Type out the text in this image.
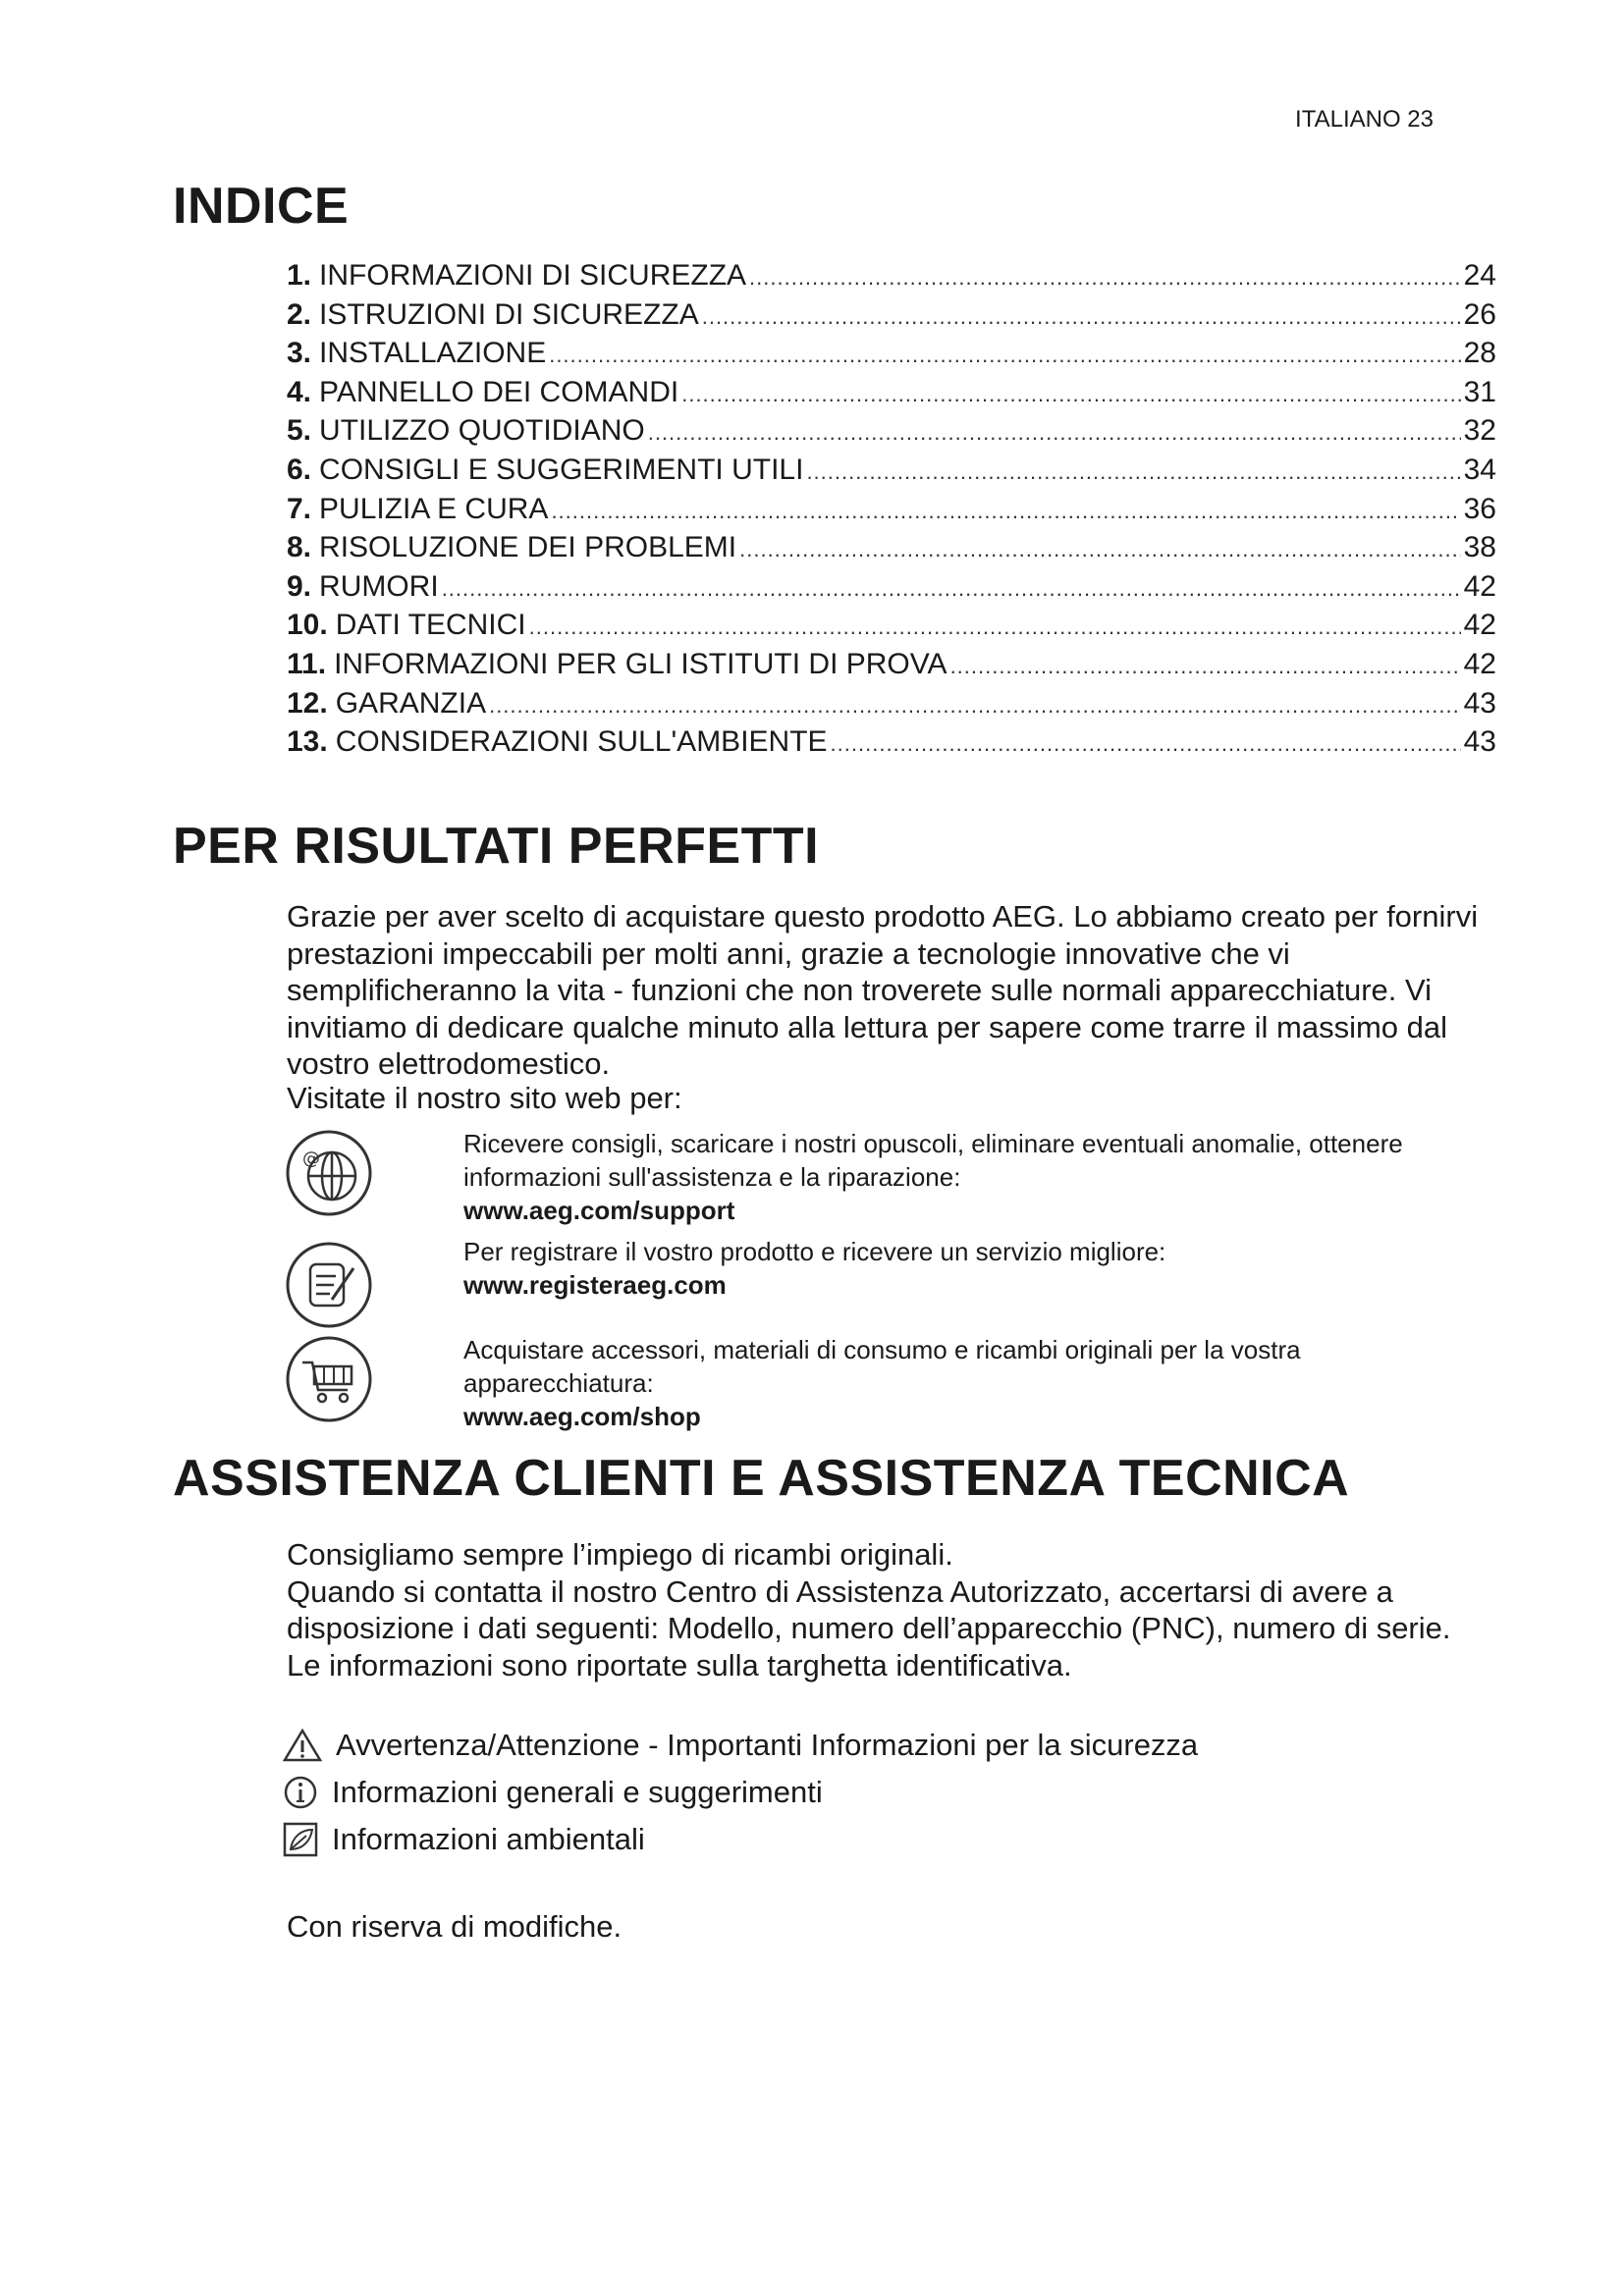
ITALIANO 23
INDICE
1. INFORMAZIONI DI SICUREZZA .....	24
2. ISTRUZIONI DI SICUREZZA .....	26
3. INSTALLAZIONE .....	28
4. PANNELLO DEI COMANDI .....	31
5. UTILIZZO QUOTIDIANO .....	32
6. CONSIGLI E SUGGERIMENTI UTILI .....	34
7. PULIZIA E CURA .....	36
8. RISOLUZIONE DEI PROBLEMI .....	38
9. RUMORI .....	42
10. DATI TECNICI .....	42
11. INFORMAZIONI PER GLI ISTITUTI DI PROVA .....	42
12. GARANZIA .....	43
13. CONSIDERAZIONI SULL'AMBIENTE .....	43
PER RISULTATI PERFETTI

Grazie per aver scelto di acquistare questo prodotto AEG. Lo abbiamo creato per fornirvi prestazioni impeccabili per molti anni, grazie a tecnologie innovative che vi semplificheranno la vita - funzioni che non troverete sulle normali apparecchiature. Vi invitiamo di dedicare qualche minuto alla lettura per sapere come trarre il massimo dal vostro elettrodomestico.

Visitate il nostro sito web per:

@
Ricevere consigli, scaricare i nostri opuscoli, eliminare eventuali anomalie, ottenere informazioni sull'assistenza e la riparazione:
www.aeg.com/support
Per registrare il vostro prodotto e ricevere un servizio migliore:
www.registeraeg.com
Acquistare accessori, materiali di consumo e ricambi originali per la vostra apparecchiatura:
www.aeg.com/shop
ASSISTENZA CLIENTI E ASSISTENZA TECNICA

Consigliamo sempre l’impiego di ricambi originali.
Quando si contatta il nostro Centro di Assistenza Autorizzato, accertarsi di avere a disposizione i dati seguenti: Modello, numero dell’apparecchio (PNC), numero di serie.
Le informazioni sono riportate sulla targhetta identificativa.

Avvertenza/Attenzione - Importanti Informazioni per la sicurezza
Informazioni generali e suggerimenti
Informazioni ambientali
Con riserva di modifiche.
